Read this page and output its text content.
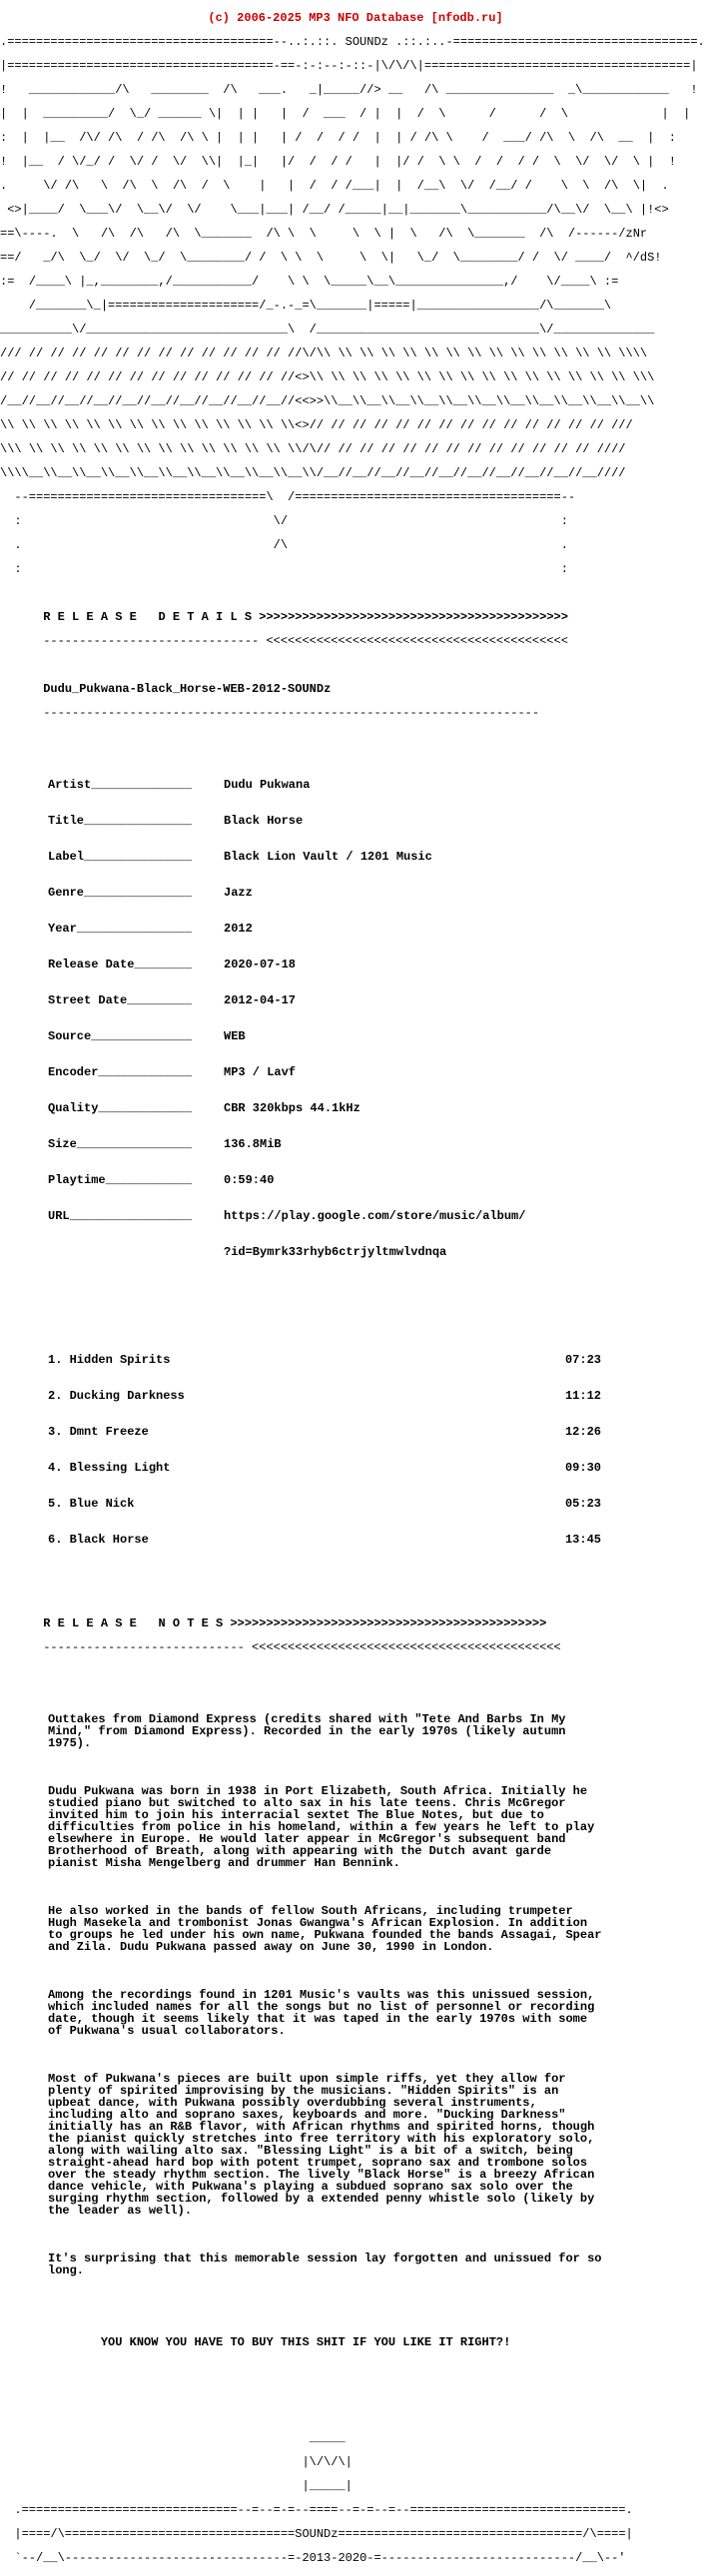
(c) 2006-2025 MP3 NFO Database [nfodb.ru]

.=====================================--..:.::. SOUNDz .::.:..-==================================.

|=====================================-==-:-:--:-::-|\/\/\|=====================================|

!   ____________/\   ________  /\   ___.   _|_____//> __   /\ _______________  _\____________   !

|  |  _________/  \_/ ______ \|  | |   |  /  ___  / |  |  /  \      /      /  \             |  |

:  |  |__  /\/ /\  / /\  /\ \ |  | |   | /  /  / /  |  | / /\ \    /  ___/ /\  \  /\  __  |  :

!  |__  / \/_/ /  \/ /  \/  \\|  |_|   |/  /  / /   |  |/ /  \ \  /  /  / /  \  \/  \/  \ |  !

.     \/ /\   \  /\  \  /\  /  \    |   |  /  / /___|  |  /__\  \/  /__/ /    \  \  /\  \|  .

<>|____/  \___\/  \__\/  \/    \___|___| /__/ /_____|__|_______\___________/\__\/  \__\ |!<>

==\----.  \   /\  /\   /\  \_______  /\ \  \     \  \ |  \   /\  \_______  /\  /------/zNr

==/   _/\  \_/  \/  \_/  \________/ /  \ \  \     \  \|   \_/  \________/ /  \/ ____/  ^/dS!

:=  /____\ |_,________,/___________/    \ \  \_____\__\_______________,/    \/____\ :=

/_______\_|=====================/_-.-_=\_______|=====|_________________/\_______\

__________\/____________________________\  /_______________________________\/______________

/// // // // // // // // // // // // // //\/\\ \\ \\ \\ \\ \\ \\ \\ \\ \\ \\ \\ \\ \\ \\\\

// // // // // // // // // // // // // //<>\\ \\ \\ \\ \\ \\ \\ \\ \\ \\ \\ \\ \\ \\ \\ \\\

/__//__//__//__//__//__//__//__//__//__//<<>>\\__\\__\\__\\__\\__\\__\\__\\__\\__\\__\\__\\

\\ \\ \\ \\ \\ \\ \\ \\ \\ \\ \\ \\ \\ \\<>// // // // // // // // // // // // // // ///

\\\ \\ \\ \\ \\ \\ \\ \\ \\ \\ \\ \\ \\ \\/\// // // // // // // // // // // // // ////

\\\\__\\__\\__\\__\\__\\__\\__\\__\\__\\__\\/__//__//__//__//__//__//__//__//__//__////

--=================================\  /=====================================--

:                                   \/                                      :

.                                   /\                                      .

:                                                                           :

R E L E A S E   D E T A I L S >>>>>>>>>>>>>>>>>>>>>>>>>>>>>>>>>>>>>>>>>>>

------------------------------ <<<<<<<<<<<<<<<<<<<<<<<<<<<<<<<<<<<<<<<<<<

Dudu_Pukwana-Black_Horse-WEB-2012-SOUNDz

---------------------------------------------------------------------

Artist______________	Dudu Pukwana

Title_______________	Black Horse

Label_______________	Black Lion Vault / 1201 Music

Genre_______________	Jazz

Year________________	2012

Release Date________	2020-07-18

Street Date_________	2012-04-17

Source______________	WEB

Encoder_____________	MP3 / Lavf

Quality_____________	CBR 320kbps 44.1kHz

Size________________	136.8MiB

Playtime____________	0:59:40

URL_________________	https://play.google.com/store/music/album/

?id=Bymrk33rhyb6ctrjyltmwlvdnqa

1. Hidden Spirits	07:23

2. Ducking Darkness	11:12

3. Dmnt Freeze	12:26

4. Blessing Light	09:30

5. Blue Nick	05:23

6. Black Horse	13:45

R E L E A S E   N O T E S >>>>>>>>>>>>>>>>>>>>>>>>>>>>>>>>>>>>>>>>>>>>

---------------------------- <<<<<<<<<<<<<<<<<<<<<<<<<<<<<<<<<<<<<<<<<<<

Outtakes from Diamond Express (credits shared with "Tete And Barbs In My Mind," from Diamond Express). Recorded in the early 1970s (likely autumn 1975).

Dudu Pukwana was born in 1938 in Port Elizabeth, South Africa. Initially he studied piano but switched to alto sax in his late teens. Chris McGregor invited him to join his interracial sextet The Blue Notes, but due to difficulties from police in his homeland, within a few years he left to play elsewhere in Europe. He would later appear in McGregor's subsequent band Brotherhood of Breath, along with appearing with the Dutch avant garde pianist Misha Mengelberg and drummer Han Bennink.

He also worked in the bands of fellow South Africans, including trumpeter Hugh Masekela and trombonist Jonas Gwangwa's African Explosion. In addition to groups he led under his own name, Pukwana founded the bands Assagai, Spear and Zila. Dudu Pukwana passed away on June 30, 1990 in London.

Among the recordings found in 1201 Music's vaults was this unissued session, which included names for all the songs but no list of personnel or recording date, though it seems likely that it was taped in the early 1970s with some of Pukwana's usual collaborators.

Most of Pukwana's pieces are built upon simple riffs, yet they allow for plenty of spirited improvising by the musicians. "Hidden Spirits" is an upbeat dance, with Pukwana possibly overdubbing several instruments, including alto and soprano saxes, keyboards and more. "Ducking Darkness" initially has an R&B flavor, with African rhythms and spirited horns, though the pianist quickly stretches into free territory with his exploratory solo, along with wailing alto sax. "Blessing Light" is a bit of a switch, being straight-ahead hard bop with potent trumpet, soprano sax and trombone solos over the steady rhythm section. The lively "Black Horse" is a breezy African dance vehicle, with Pukwana's playing a subdued soprano sax solo over the surging rhythm section, followed by a extended penny whistle solo (likely by the leader as well).

It's surprising that this memorable session lay forgotten and unissued for so long.

YOU KNOW YOU HAVE TO BUY THIS SHIT IF YOU LIKE IT RIGHT?!

_____

|\/\/\|

|_____|

.==============================--=--=-=--====--=-=--=--==============================.

|====/\================================SOUNDz==================================/\====|

`--/__\-------------------------------=-2013-2020-=---------------------------/__\--'
